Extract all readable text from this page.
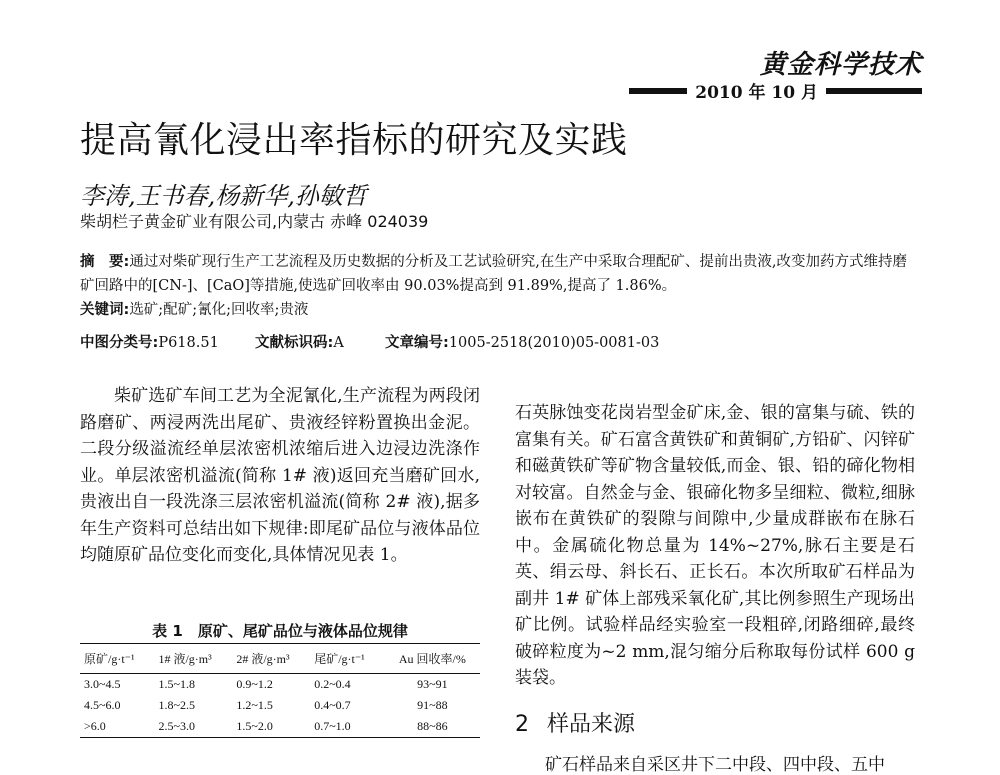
黄金科学技术
2010 年 10 月
提高氰化浸出率指标的研究及实践
李涛,王书春,杨新华,孙敏哲
柴胡栏子黄金矿业有限公司,内蒙古 赤峰 024039
摘　要:通过对柴矿现行生产工艺流程及历史数据的分析及工艺试验研究,在生产中采取合理配矿、提前出贵液,改变加药方式维持磨矿回路中的[CN-]、[CaO]等措施,使选矿回收率由 90.03%提高到 91.89%,提高了 1.86%。
关键词:选矿;配矿;氰化;回收率;贵液
中图分类号:P618.51	文献标识码:A	文章编号:1005-2518(2010)05-0081-03

柴矿选矿车间工艺为全泥氰化,生产流程为两段闭路磨矿、两浸两洗出尾矿、贵液经锌粉置换出金泥。二段分级溢流经单层浓密机浓缩后进入边浸边洗涤作业。单层浓密机溢流(简称 1# 液)返回充当磨矿回水,贵液出自一段洗涤三层浓密机溢流(简称 2# 液),据多年生产资料可总结出如下规律:即尾矿品位与液体品位均随原矿品位变化而变化,具体情况见表 1。

表 1　原矿、尾矿品位与液体品位规律
原矿/g·t⁻¹	1# 液/g·m³	2# 液/g·m³	尾矿/g·t⁻¹	Au 回收率/%
3.0~4.5	1.5~1.8	0.9~1.2	0.2~0.4	93~91
4.5~6.0	1.8~2.5	1.2~1.5	0.4~0.7	91~88
>6.0	2.5~3.0	1.5~2.0	0.7~1.0	88~86

石英脉蚀变花岗岩型金矿床,金、银的富集与硫、铁的富集有关。矿石富含黄铁矿和黄铜矿,方铅矿、闪锌矿和磁黄铁矿等矿物含量较低,而金、银、铅的碲化物相对较富。自然金与金、银碲化物多呈细粒、微粒,细脉嵌布在黄铁矿的裂隙与间隙中,少量成群嵌布在脉石中。金属硫化物总量为 14%~27%,脉石主要是石英、绢云母、斜长石、正长石。本次所取矿石样品为副井 1# 矿体上部残采氧化矿,其比例参照生产现场出矿比例。试验样品经实验室一段粗碎,闭路细碎,最终破碎粒度为~2 mm,混匀缩分后称取每份试样 600 g 装袋。

2 样品来源
矿石样品来自采区井下二中段、四中段、五中
